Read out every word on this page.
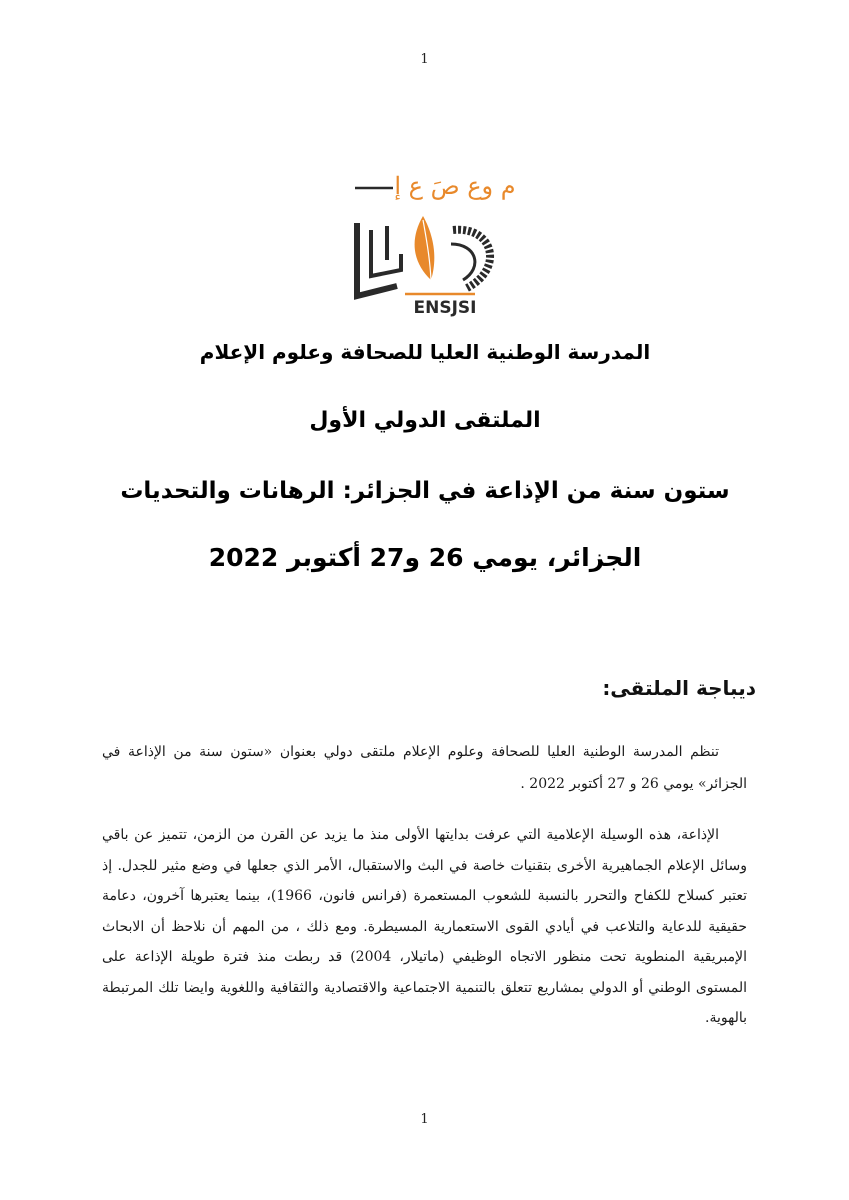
1
م وع صَ ع إ
ENSJSI
المدرسة الوطنية العليا للصحافة وعلوم الإعلام
الملتقى الدولي الأول
ستون سنة من الإذاعة في الجزائر: الرهانات والتحديات
الجزائر، يومي 26 و27 أكتوبر 2022
ديباجة الملتقى:
تنظم المدرسة الوطنية العليا للصحافة وعلوم الإعلام ملتقى دولي بعنوان «ستون سنة من الإذاعة في الجزائر» يومي 26 و 27 أكتوبر 2022 .
الإذاعة، هذه الوسيلة الإعلامية التي عرفت بدايتها الأولى منذ ما يزيد عن القرن من الزمن، تتميز عن باقي وسائل الإعلام الجماهيرية الأخرى بتقنيات خاصة في البث والاستقبال، الأمر الذي جعلها في وضع مثير للجدل. إذ تعتبر كسلاح للكفاح والتحرر بالنسبة للشعوب المستعمرة (فرانس فانون، 1966)، بينما يعتبرها آخرون، دعامة حقيقية للدعاية والتلاعب في أيادي القوى الاستعمارية المسيطرة. ومع ذلك ، من المهم أن نلاحظ أن الابحاث الإمبريقية المنطوية تحت منظور الاتجاه الوظيفي (ماتيلار، 2004) قد ربطت منذ فترة طويلة الإذاعة على المستوى الوطني أو الدولي بمشاريع تتعلق بالتنمية الاجتماعية والاقتصادية والثقافية واللغوية وايضا تلك المرتبطة بالهوية.
1
